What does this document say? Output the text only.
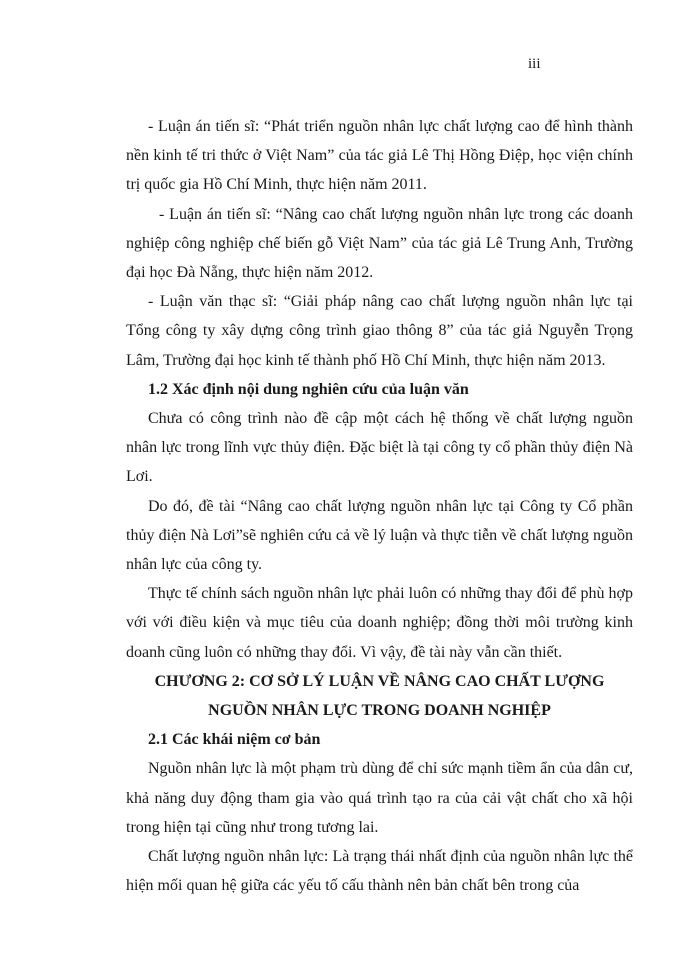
iii

- Luận án tiến sĩ: “Phát triển nguồn nhân lực chất lượng cao để hình thành nền kinh tế tri thức ở Việt Nam” của tác giả Lê Thị Hồng Điệp, học viện chính trị quốc gia Hồ Chí Minh, thực hiện năm 2011.

- Luận án tiến sĩ: “Nâng cao chất lượng nguồn nhân lực trong các doanh nghiệp công nghiệp chế biến gỗ Việt Nam” của tác giả Lê Trung Anh, Trường đại học Đà Nẵng, thực hiện năm 2012.

- Luận văn thạc sĩ: “Giải pháp nâng cao chất lượng nguồn nhân lực tại Tổng công ty xây dựng công trình giao thông 8” của tác giả Nguyễn Trọng Lâm, Trường đại học kinh tế thành phố Hồ Chí Minh, thực hiện năm 2013.

1.2 Xác định nội dung nghiên cứu của luận văn

Chưa có công trình nào đề cập một cách hệ thống về chất lượng nguồn nhân lực trong lĩnh vực thủy điện. Đặc biệt là tại công ty cổ phần thủy điện Nà Lơi.

Do đó, đề tài “Nâng cao chất lượng nguồn nhân lực tại Công ty Cổ phần thủy điện Nà Lơi”sẽ nghiên cứu cả về lý luận và thực tiễn về chất lượng nguồn nhân lực của công ty.

Thực tế chính sách nguồn nhân lực phải luôn có những thay đổi để phù hợp với với điều kiện và mục tiêu của doanh nghiệp; đồng thời môi trường kinh doanh cũng luôn có những thay đổi. Vì vậy, đề tài này vẫn cần thiết.

CHƯƠNG 2: CƠ SỞ LÝ LUẬN VỀ NÂNG CAO CHẤT LƯỢNG

NGUỒN NHÂN LỰC TRONG DOANH NGHIỆP

2.1 Các khái niệm cơ bản

Nguồn nhân lực là một phạm trù dùng để chỉ sức mạnh tiềm ẩn của dân cư, khả năng duy động tham gia vào quá trình tạo ra của cải vật chất cho xã hội trong hiện tại cũng như trong tương lai.

Chất lượng nguồn nhân lực: Là trạng thái nhất định của nguồn nhân lực thể hiện mối quan hệ giữa các yếu tố cấu thành nên bản chất bên trong của
